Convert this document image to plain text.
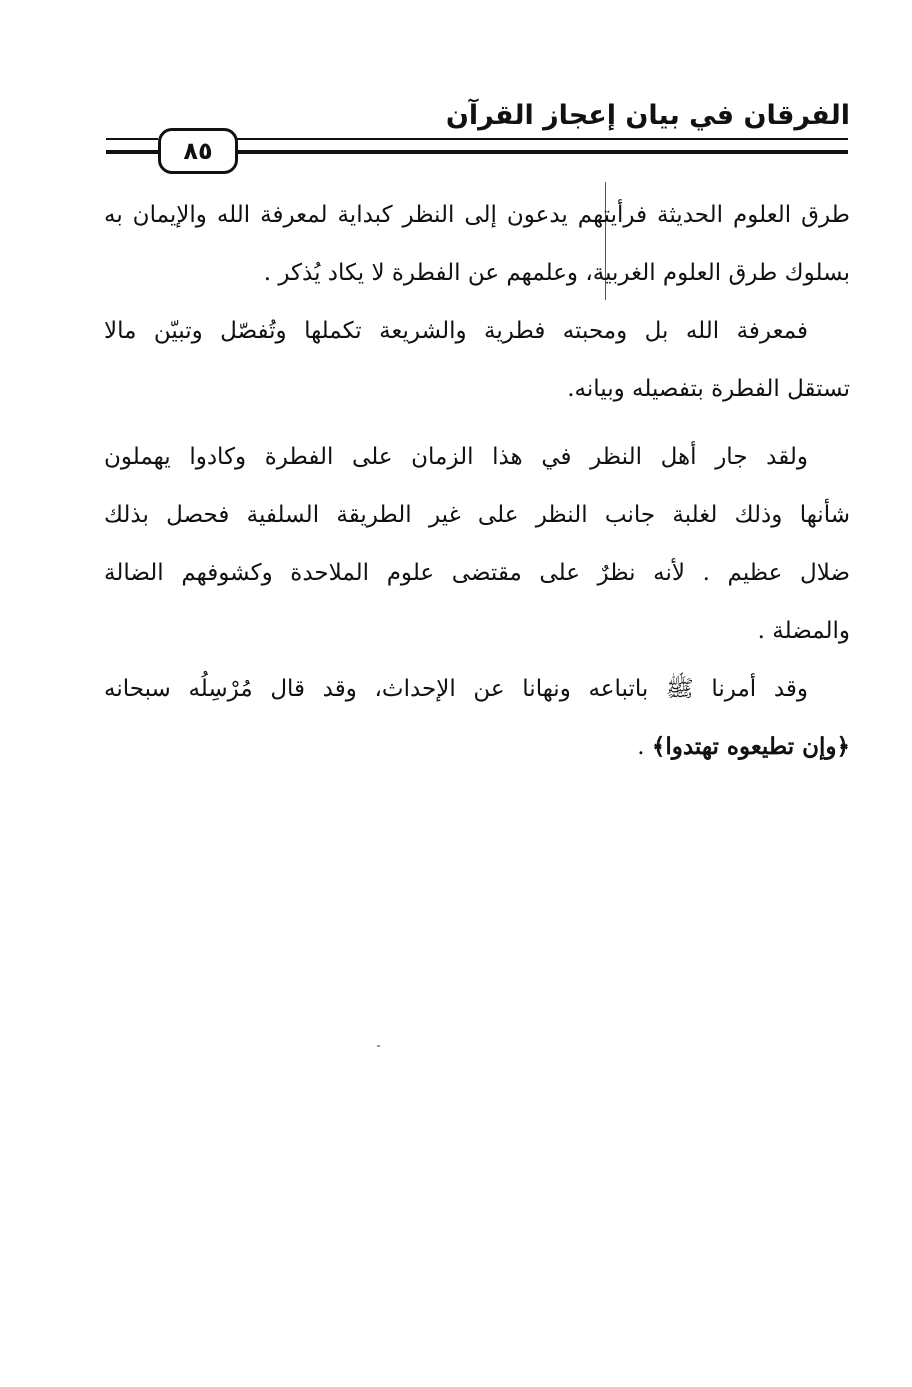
الفرقان في بيان إعجاز القرآن
٨٥
طرق العلوم الحديثة فرأيتهم يدعون إلى النظر كبداية لمعرفة الله والإيمان به
بسلوك طرق العلوم الغربية، وعلمهم عن الفطرة لا يكاد يُذكر .
فمعرفة الله بل ومحبته فطرية والشريعة تكملها وتُفصّل وتبيّن مالا
تستقل الفطرة بتفصيله وبيانه.
ولقد جار أهل النظر في هذا الزمان على الفطرة وكادوا يهملون
شأنها وذلك لغلبة جانب النظر على غير الطريقة السلفية فحصل بذلك
ضلال عظيم . لأنه نظرٌ على مقتضى علوم الملاحدة وكشوفهم الضالة
والمضلة .
وقد أمرنا ﷺ باتباعه ونهانا عن الإحداث، وقد قال مُرْسِلُه سبحانه
﴿وإن تطيعوه تهتدوا﴾ .
